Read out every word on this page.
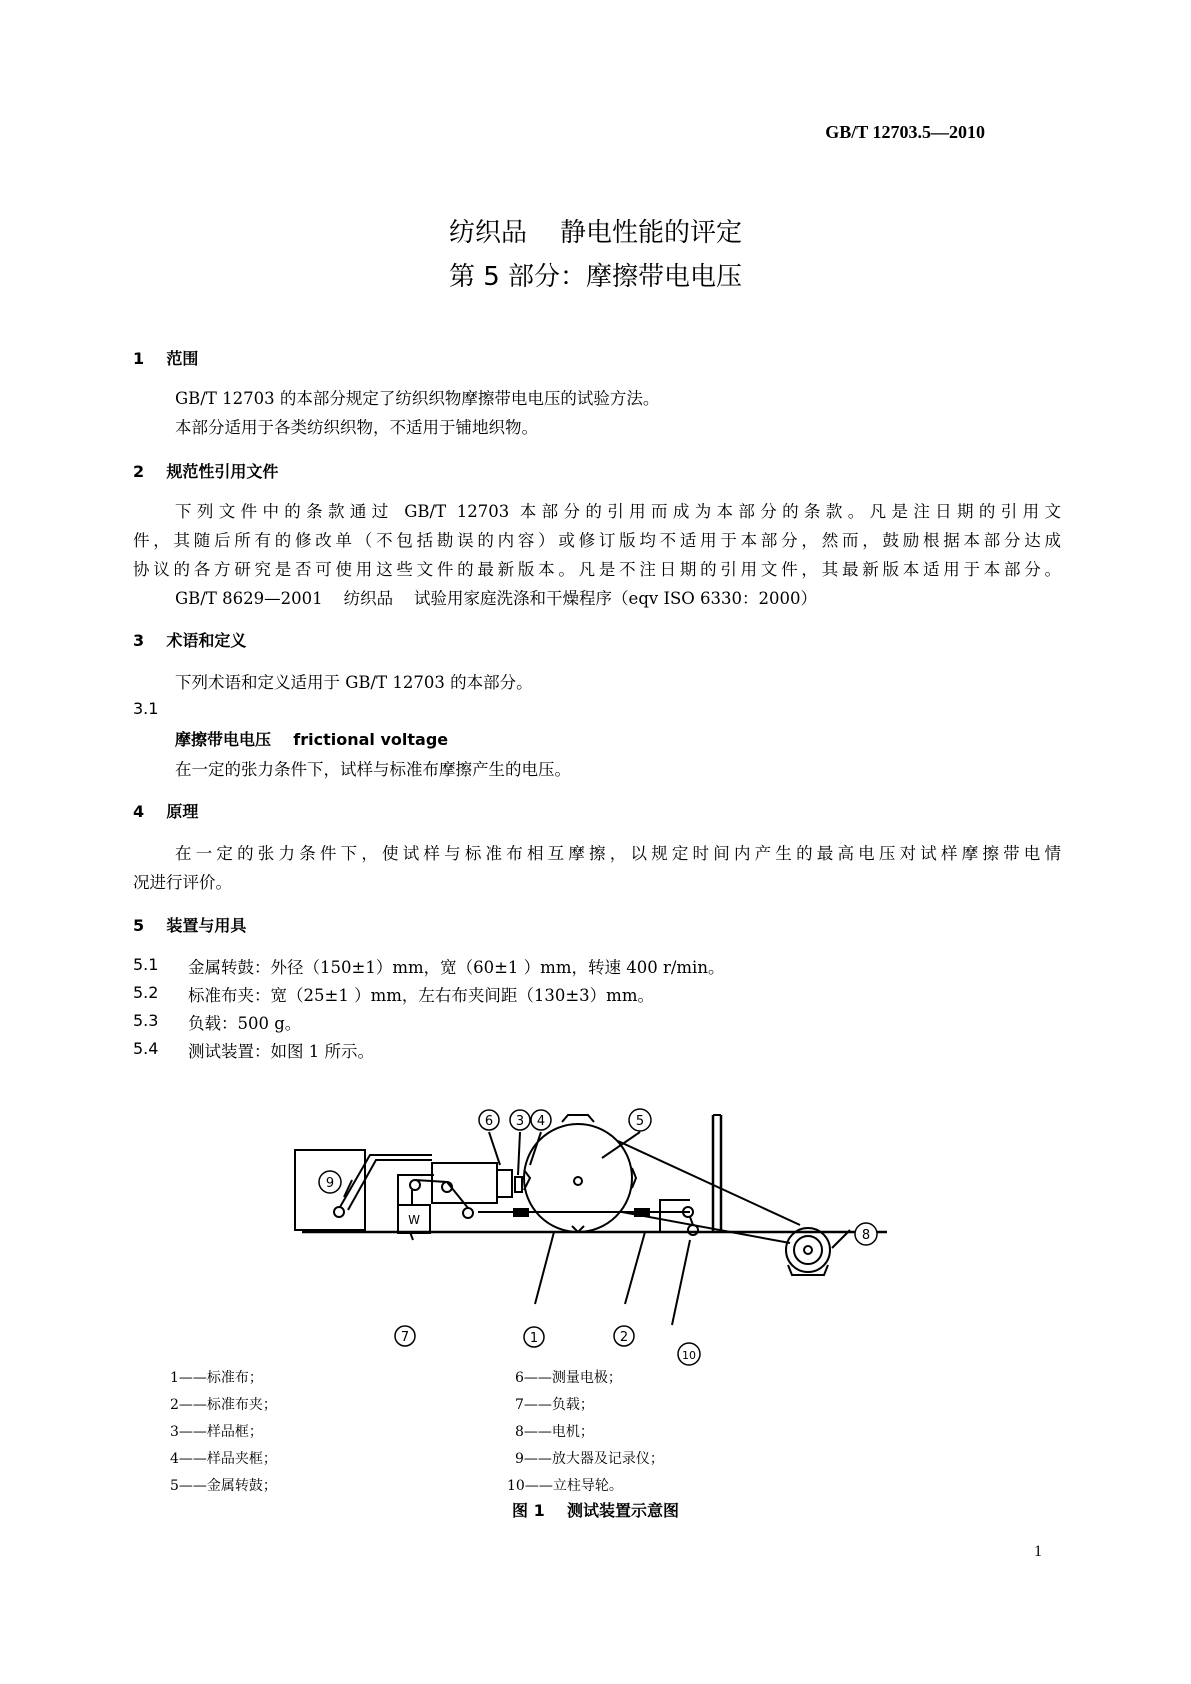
GB/T 12703.5—2010
纺织品    静电性能的评定
第 5 部分：摩擦带电电压
1    范围
GB/T 12703 的本部分规定了纺织织物摩擦带电电压的试验方法。
本部分适用于各类纺织织物，不适用于铺地织物。
2    规范性引用文件
下列文件中的条款通过 GB/T 12703 本部分的引用而成为本部分的条款。凡是注日期的引用文
件，其随后所有的修改单（不包括勘误的内容）或修订版均不适用于本部分，然而，鼓励根据本部分达成
协议的各方研究是否可使用这些文件的最新版本。凡是不注日期的引用文件，其最新版本适用于本部分。
GB/T 8629—2001    纺织品    试验用家庭洗涤和干燥程序（eqv ISO 6330：2000）
3    术语和定义
下列术语和定义适用于 GB/T 12703 的本部分。
3.1
摩擦带电电压    frictional voltage
在一定的张力条件下，试样与标准布摩擦产生的电压。
4    原理
在一定的张力条件下，使试样与标准布相互摩擦，以规定时间内产生的最高电压对试样摩擦带电情
况进行评价。
5    装置与用具
5.1 金属转鼓：外径（150±1）mm，宽（60±1 ）mm，转速 400 r/min。
5.2 标准布夹：宽（25±1 ）mm，左右布夹间距（130±3）mm。
5.3 负载：500 g。
5.4 测试装置：如图 1 所示。
9
6 3 4	5
8
7	1	2
10
W
1——标准布；
2——标准布夹；
3——样品框；
4——样品夹框；
5——金属转鼓；
6——测量电极；
7——负载；
8——电机；
9——放大器及记录仪；
10——立柱导轮。
图 1    测试装置示意图
1
